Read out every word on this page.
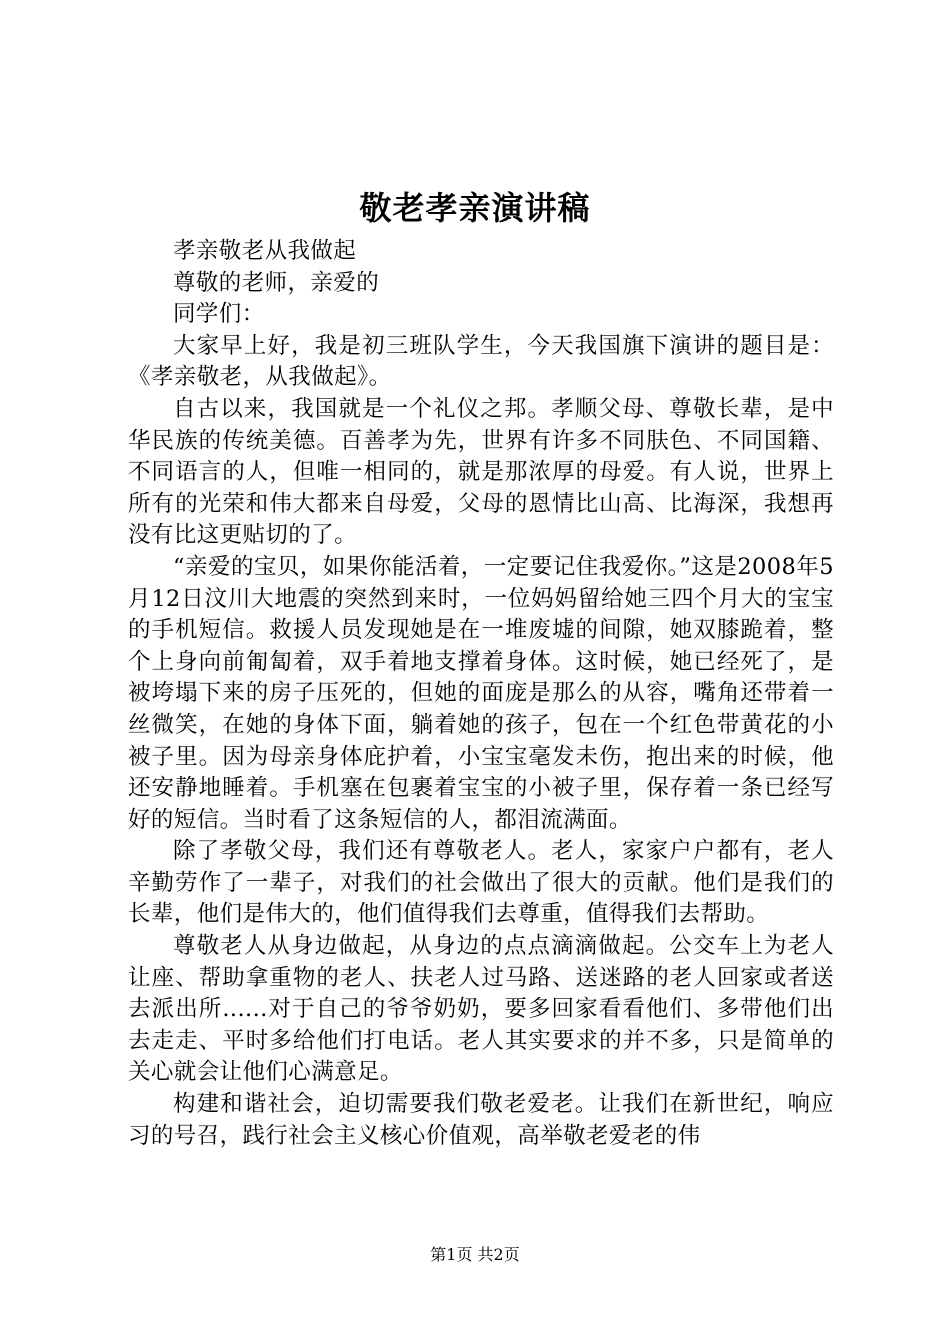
敬老孝亲演讲稿

孝亲敬老从我做起

尊敬的老师，亲爱的

同学们：

大家早上好，我是初三班队学生，今天我国旗下演讲的题目是：《孝亲敬老，从我做起》。

自古以来，我国就是一个礼仪之邦。孝顺父母、尊敬长辈，是中华民族的传统美德。百善孝为先，世界有许多不同肤色、不同国籍、不同语言的人，但唯一相同的，就是那浓厚的母爱。有人说，世界上所有的光荣和伟大都来自母爱，父母的恩情比山高、比海深，我想再没有比这更贴切的了。

“亲爱的宝贝，如果你能活着，一定要记住我爱你。”这是2008年5月12日汶川大地震的突然到来时，一位妈妈留给她三四个月大的宝宝的手机短信。救援人员发现她是在一堆废墟的间隙，她双膝跪着，整个上身向前匍匐着，双手着地支撑着身体。这时候，她已经死了，是被垮塌下来的房子压死的，但她的面庞是那么的从容，嘴角还带着一丝微笑，在她的身体下面，躺着她的孩子，包在一个红色带黄花的小被子里。因为母亲身体庇护着，小宝宝毫发未伤，抱出来的时候，他还安静地睡着。手机塞在包裹着宝宝的小被子里，保存着一条已经写好的短信。当时看了这条短信的人，都泪流满面。

除了孝敬父母，我们还有尊敬老人。老人，家家户户都有，老人辛勤劳作了一辈子，对我们的社会做出了很大的贡献。他们是我们的长辈，他们是伟大的，他们值得我们去尊重，值得我们去帮助。

尊敬老人从身边做起，从身边的点点滴滴做起。公交车上为老人让座、帮助拿重物的老人、扶老人过马路、送迷路的老人回家或者送去派出所......对于自己的爷爷奶奶，要多回家看看他们、多带他们出去走走、平时多给他们打电话。老人其实要求的并不多，只是简单的关心就会让他们心满意足。

构建和谐社会，迫切需要我们敬老爱老。让我们在新世纪，响应习的号召，践行社会主义核心价值观，高举敬老爱老的伟

第1页 共2页
